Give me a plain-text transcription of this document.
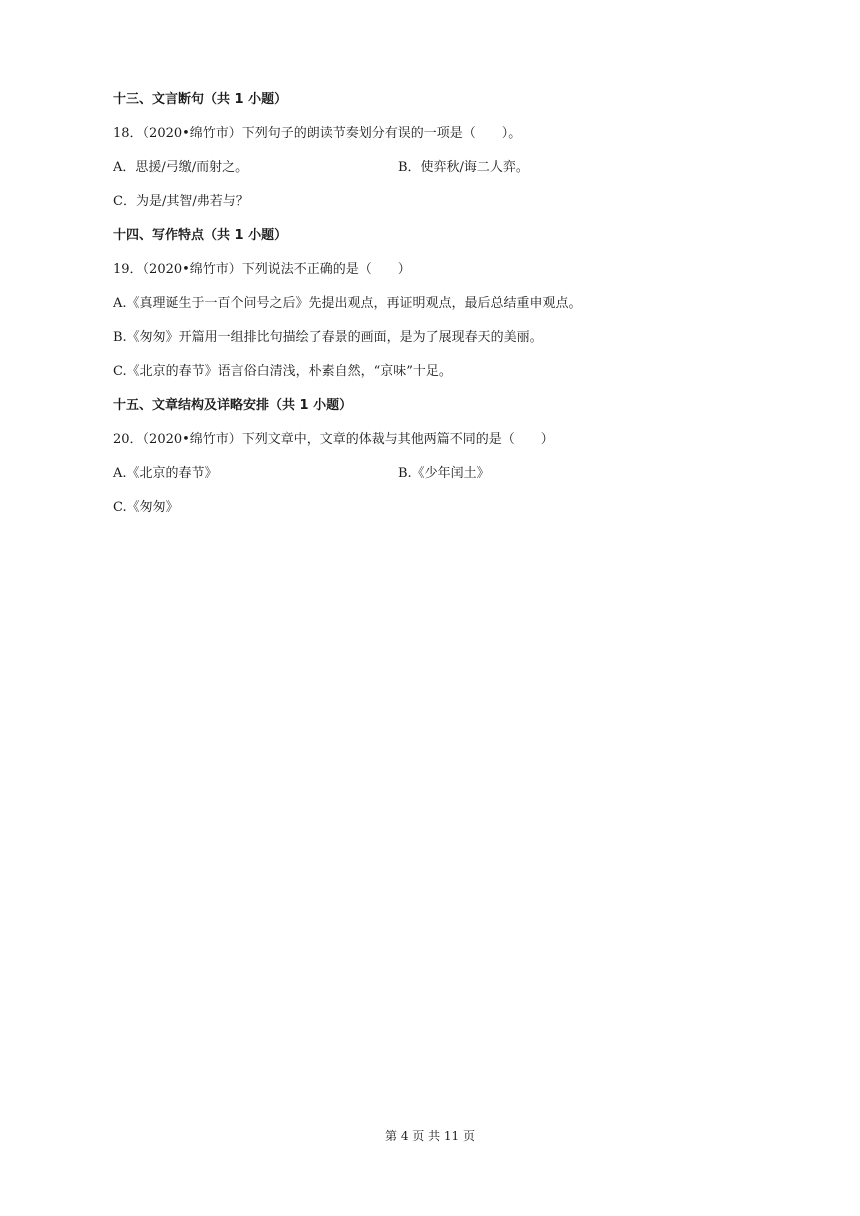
十三、文言断句（共 1 小题）
18．（2020•绵竹市）下列句子的朗读节奏划分有误的一项是（　　）。
A．思援/弓缴/而射之。	B．使弈秋/诲二人弈。
C．为是/其智/弗若与？
十四、写作特点（共 1 小题）
19．（2020•绵竹市）下列说法不正确的是（　　）
A.《真理诞生于一百个问号之后》先提出观点，再证明观点，最后总结重申观点。
B.《匆匆》开篇用一组排比句描绘了春景的画面，是为了展现春天的美丽。
C.《北京的春节》语言俗白清浅，朴素自然，“京味”十足。
十五、文章结构及详略安排（共 1 小题）
20．（2020•绵竹市）下列文章中，文章的体裁与其他两篇不同的是（　　）
A.《北京的春节》	B.《少年闰土》
C.《匆匆》
第 4 页 共 11 页
